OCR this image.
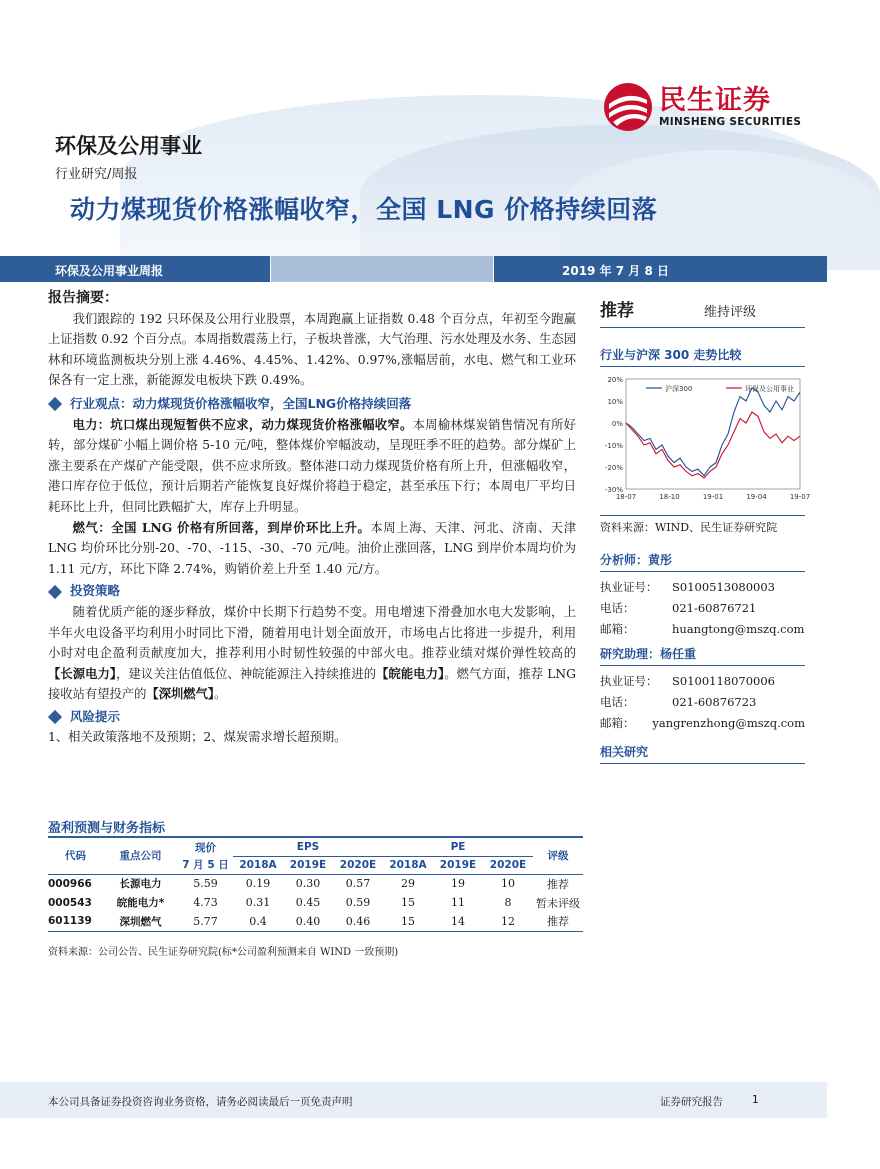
民生证券
MINSHENG SECURITIES
环保及公用事业
行业研究/周报
动力煤现货价格涨幅收窄，全国 LNG 价格持续回落
环保及公用事业周报	2019 年 7 月 8 日
报告摘要：

我们跟踪的 192 只环保及公用行业股票，本周跑赢上证指数 0.48 个百分点，年初至今跑赢上证指数 0.92 个百分点。本周指数震荡上行，子板块普涨，大气治理、污水处理及水务、生态园林和环境监测板块分别上涨 4.46%、4.45%、1.42%、0.97%,涨幅居前，水电、燃气和工业环保各有一定上涨，新能源发电板块下跌 0.49%。

行业观点：动力煤现货价格涨幅收窄，全国LNG价格持续回落

电力：坑口煤出现短暂供不应求，动力煤现货价格涨幅收窄。本周榆林煤炭销售情况有所好转，部分煤矿小幅上调价格 5-10 元/吨，整体煤价窄幅波动，呈现旺季不旺的趋势。部分煤矿上涨主要系在产煤矿产能受限，供不应求所致。整体港口动力煤现货价格有所上升，但涨幅收窄，港口库存位于低位，预计后期若产能恢复良好煤价将趋于稳定，甚至承压下行；本周电厂平均日耗环比上升，但同比跌幅扩大，库存上升明显。

燃气：全国 LNG 价格有所回落，到岸价环比上升。本周上海、天津、河北、济南、天津 LNG 均价环比分别-20、-70、-115、-30、-70 元/吨。油价止涨回落，LNG 到岸价本周均价为 1.11 元/方，环比下降 2.74%，购销价差上升至 1.40 元/方。

投资策略

随着优质产能的逐步释放，煤价中长期下行趋势不变。用电增速下滑叠加水电大发影响，上半年火电设备平均利用小时同比下滑，随着用电计划全面放开，市场电占比将进一步提升，利用小时对电企盈利贡献度加大，推荐利用小时韧性较强的中部火电。推荐业绩对煤价弹性较高的【长源电力】，建议关注估值低位、神皖能源注入持续推进的【皖能电力】。燃气方面，推荐 LNG 接收站有望投产的【深圳燃气】。

风险提示

1、相关政策落地不及预期；2、煤炭需求增长超预期。

推荐	维持评级
行业与沪深 300 走势比较
20%
10%
0%
-10%
-20%
-30%
18-07	18-10	19-01	19-04	19-07
沪深300	环保及公用事业
资料来源：WIND、民生证券研究院
分析师：黄彤
执业证号：	S0100513080003
电话：	021-60876721
邮箱：	huangtong@mszq.com
研究助理：杨任重
执业证号：	S0100118070006
电话：	021-60876723
邮箱：	yangrenzhong@mszq.com
相关研究
盈利预测与财务指标
代码	重点公司	现价	EPS			PE			评级
		7 月 5 日	2018A	2019E	2020E	2018A	2019E	2020E	
000966	长源电力	5.59	0.19	0.30	0.57	29	19	10	推荐
000543	皖能电力*	4.73	0.31	0.45	0.59	15	11	8	暂未评级
601139	深圳燃气	5.77	0.4	0.40	0.46	15	14	12	推荐
资料来源：公司公告、民生证券研究院(标*公司盈利预测来自 WIND 一致预期)
本公司具备证券投资咨询业务资格，请务必阅读最后一页免责声明	证券研究报告	1
